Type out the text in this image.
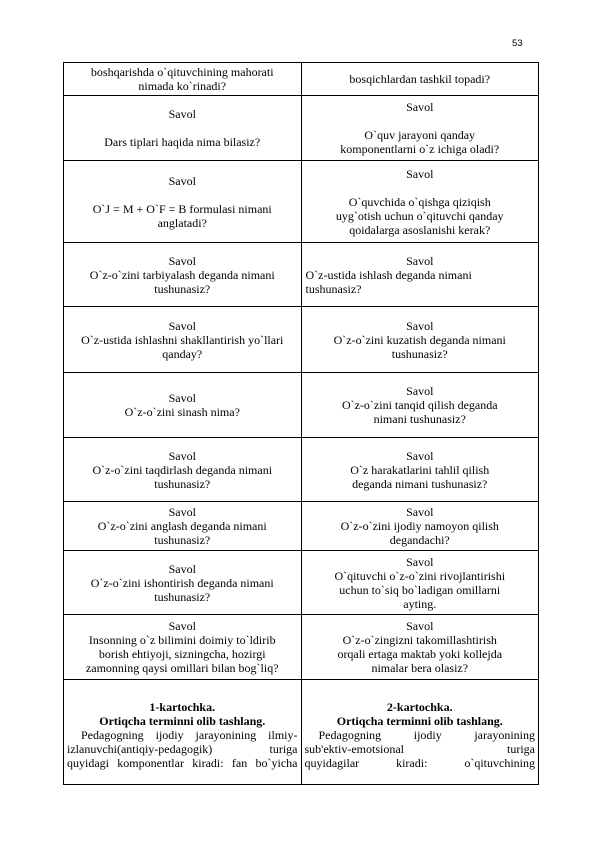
53
boshqarishda o`qituvchining mahorati
nimada ko`rinadi?	bosqichlardan tashkil topadi?

Savol
Dars tiplari haqida nima bilasiz?	Savol
O`quv jarayoni qanday
komponentlarni o`z ichiga oladi?

Savol
O`J = M + O`F = B formulasi nimani
anglatadi?	Savol
O`quvchida o`qishga qiziqish
uyg`otish uchun o`qituvchi qanday
qoidalarga asoslanishi kerak?

Savol
O`z-o`zini tarbiyalash deganda nimani
tushunasiz?	Savol
O`z-ustida ishlash deganda nimani
tushunasiz?

Savol
O`z-ustida ishlashni shakllantirish yo`llari
qanday?	Savol
O`z-o`zini kuzatish deganda nimani
tushunasiz?

Savol
O`z-o`zini sinash nima?	Savol
O`z-o`zini tanqid qilish deganda
nimani tushunasiz?

Savol
O`z-o`zini taqdirlash deganda nimani
tushunasiz?	Savol
O`z harakatlarini tahlil qilish
deganda nimani tushunasiz?

Savol
O`z-o`zini anglash deganda nimani
tushunasiz?	Savol
O`z-o`zini ijodiy namoyon qilish
degandachi?

Savol
O`z-o`zini ishontirish deganda nimani
tushunasiz?	Savol
O`qituvchi o`z-o`zini rivojlantirishi
uchun to`siq bo`ladigan omillarni
ayting.

Savol
Insonning o`z bilimini doimiy to`ldirib
borish ehtiyoji, sizningcha, hozirgi
zamonning qaysi omillari bilan bog`liq?	Savol
O`z-o`zingizni takomillashtirish
orqali ertaga maktab yoki kollejda
nimalar bera olasiz?

1-kartochka.
Ortiqcha terminni olib tashlang.
Pedagogning ijodiy jarayonining ilmiy-
izlanuvchi(antiqiy-pedagogik) turiga
quyidagi komponentlar kiradi: fan bo`yicha	2-kartochka.
Ortiqcha terminni olib tashlang.
Pedagogning ijodiy jarayonining
sub'ektiv-emotsional turiga
quyidagilar kiradi: o`qituvchining
